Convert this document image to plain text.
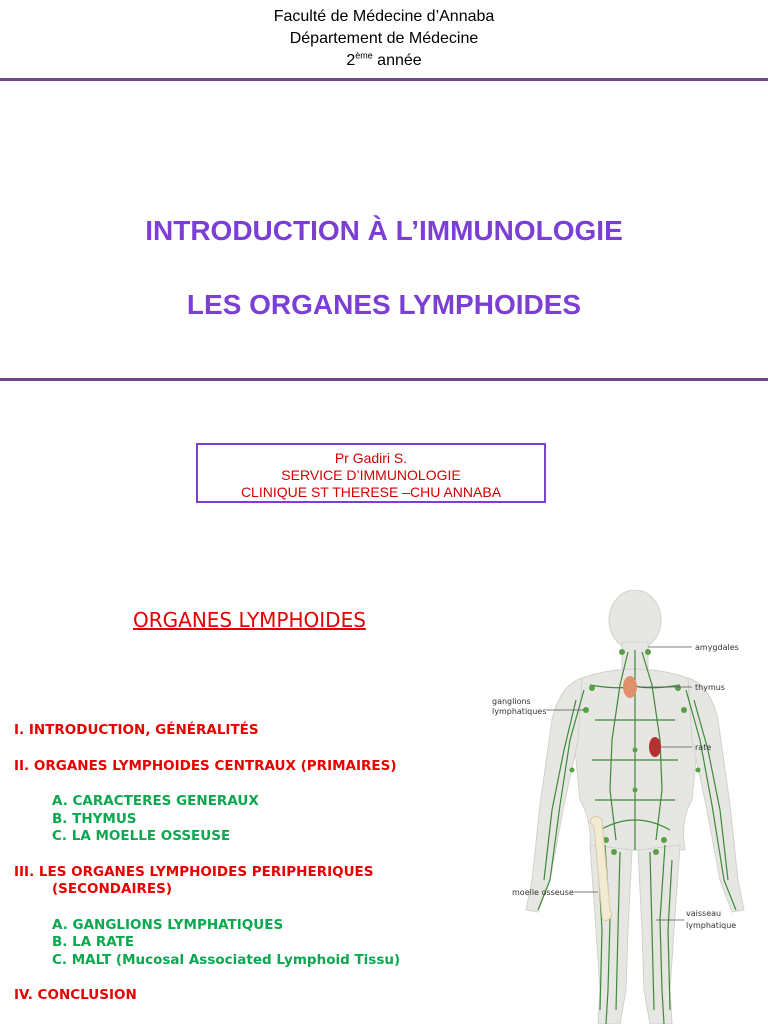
Faculté de Médecine d’Annaba
Département de Médecine
2ème année
INTRODUCTION À L’IMMUNOLOGIE
LES ORGANES LYMPHOIDES
Pr Gadiri S.
SERVICE D’IMMUNOLOGIE
CLINIQUE ST THERESE –CHU ANNABA
ORGANES LYMPHOIDES
I. INTRODUCTION, GÉNÉRALITÉS
II. ORGANES LYMPHOIDES CENTRAUX (PRIMAIRES)
A. CARACTERES GENERAUX
B. THYMUS
C. LA MOELLE OSSEUSE
III. LES ORGANES LYMPHOIDES PERIPHERIQUES
(SECONDAIRES)
A. GANGLIONS LYMPHATIQUES
B. LA RATE
C. MALT (Mucosal Associated Lymphoid Tissu)
IV. CONCLUSION
amygdales
thymus
ganglions
lymphatiques
rate
moelle osseuse
vaisseau
lymphatique
